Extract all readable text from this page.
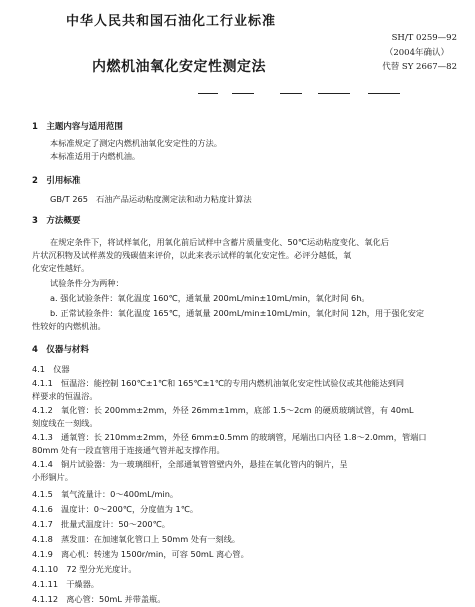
中华人民共和国石油化工行业标准
SH/T 0259—92
（2004年确认）
代替 SY 2667—82
内燃机油氧化安定性测定法
1　主题内容与适用范围
本标准规定了测定内燃机油氧化安定性的方法。
本标准适用于内燃机油。
2　引用标准
GB/T 265　石油产品运动粘度测定法和动力粘度计算法
3　方法概要
在规定条件下，将试样氧化，用氧化前后试样中含蓄片质量变化、50℃运动粘度变化、氧化后
片状沉积物及试样蒸发的残碳值来评价，以此来表示试样的氧化安定性。必评分越低，氧
化安定性越好。
试验条件分为两种：
a. 强化试验条件：氧化温度 160℃，通氧量 200mL/min±10mL/min，氧化时间 6h。
b. 正常试验条件：氧化温度 165℃，通氧量 200mL/min±10mL/min，氧化时间 12h，用于强化安定
性较好的内燃机油。
4　仪器与材料
4.1　仪器
4.1.1　恒温浴：能控制 160℃±1℃和 165℃±1℃的专用内燃机油氧化安定性试验仪或其他能达到同
样要求的恒温浴。
4.1.2　氧化管：长 200mm±2mm，外径 26mm±1mm，底部 1.5～2cm 的硬质玻璃试管，有 40mL
刻度线在一刻线。
4.1.3　通氧管：长 210mm±2mm，外径 6mm±0.5mm 的玻璃管，尾端出口内径 1.8～2.0mm，管端口
80mm 处有一段直管用于连接通气管并起支撑作用。
4.1.4　铜片试验器：为一玻璃细杆，全部通氧管管壁内外，悬挂在氧化管内的铜片，呈
小形铜片。
4.1.5　氧气流量计：0～400mL/min。
4.1.6　温度计：0～200℃，分度值为 1℃。
4.1.7　批量式温度计：50～200℃。
4.1.8　蒸发皿：在加速氧化管口上 50mm 处有一刻线。
4.1.9　离心机：转速为 1500r/min，可容 50mL 离心管。
4.1.10　72 型分光光度计。
4.1.11　干燥器。
4.1.12　离心管：50mL 并带盖瓶。
